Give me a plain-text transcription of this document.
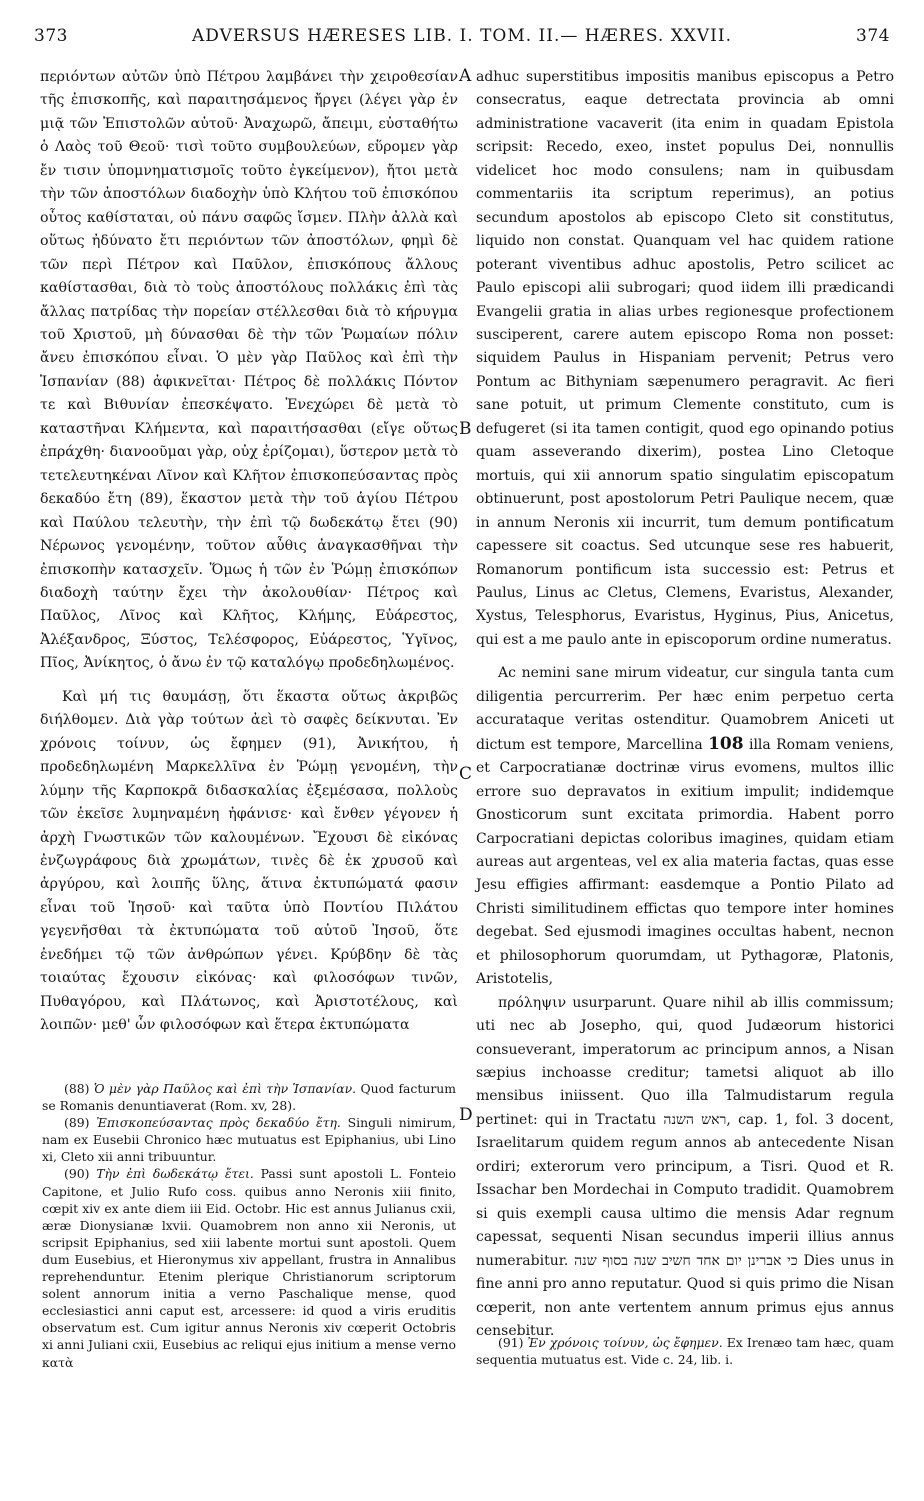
373	ADVERSUS HÆRESES LIB. I. TOM. II.— HÆRES. XXVII.	374
A
B
C
D

περιόντων αὐτῶν ὑπὸ Πέτρου λαμβάνει τὴν χειροθεσίαν τῆς ἐπισκοπῆς, καὶ παραιτησάμενος ἤργει (λέγει γὰρ ἐν μιᾷ τῶν Ἐπιστολῶν αὐτοῦ· Ἀναχωρῶ, ἄπειμι, εὐσταθήτω ὁ Λαὸς τοῦ Θεοῦ· τισὶ τοῦτο συμβουλεύων, εὕρομεν γὰρ ἔν τισιν ὑπομνηματισμοῖς τοῦτο ἐγκείμενον), ἤτοι μετὰ τὴν τῶν ἀποστόλων διαδοχὴν ὑπὸ Κλήτου τοῦ ἐπισκόπου οὗτος καθίσταται, οὐ πάνυ σαφῶς ἴσμεν. Πλὴν ἀλλὰ καὶ οὕτως ἠδύνατο ἔτι περιόντων τῶν ἀποστόλων, φημὶ δὲ τῶν περὶ Πέτρον καὶ Παῦλον, ἐπισκόπους ἄλλους καθίστασθαι, διὰ τὸ τοὺς ἀποστόλους πολλάκις ἐπὶ τὰς ἄλλας πατρίδας τὴν πορείαν στέλλεσθαι διὰ τὸ κήρυγμα τοῦ Χριστοῦ, μὴ δύνασθαι δὲ τὴν τῶν Ῥωμαίων πόλιν ἄνευ ἐπισκόπου εἶναι. Ὁ μὲν γὰρ Παῦλος καὶ ἐπὶ τὴν Ἱσπανίαν (88) ἀφικνεῖται· Πέτρος δὲ πολλάκις Πόντον τε καὶ Βιθυνίαν ἐπεσκέψατο. Ἐνεχώρει δὲ μετὰ τὸ καταστῆναι Κλήμεντα, καὶ παραιτήσασθαι (εἴγε οὕτως ἐπράχθη· διανοοῦμαι γὰρ, οὐχ ἐρίζομαι), ὕστερον μετὰ τὸ τετελευτηκέναι Λῖνον καὶ Κλῆτον ἐπισκοπεύσαντας πρὸς δεκαδύο ἔτη (89), ἕκαστον μετὰ τὴν τοῦ ἁγίου Πέτρου καὶ Παύλου τελευτὴν, τὴν ἐπὶ τῷ δωδεκάτῳ ἔτει (90) Νέρωνος γενομένην, τοῦτον αὖθις ἀναγκασθῆναι τὴν ἐπισκοπὴν κατασχεῖν. Ὅμως ἡ τῶν ἐν Ῥώμῃ ἐπισκόπων διαδοχὴ ταύτην ἔχει τὴν ἀκολουθίαν· Πέτρος καὶ Παῦλος, Λῖνος καὶ Κλῆτος, Κλήμης, Εὐάρεστος, Ἀλέξανδρος, Ξύστος, Τελέσφορος, Εὐάρεστος, Ὑγῖνος, Πῖος, Ἀνίκητος, ὁ ἄνω ἐν τῷ καταλόγῳ προδεδηλωμένος.

Καὶ μή τις θαυμάσῃ, ὅτι ἕκαστα οὕτως ἀκριβῶς διήλθομεν. Διὰ γὰρ τούτων ἀεὶ τὸ σαφὲς δείκνυται. Ἐν χρόνοις τοίνυν, ὡς ἔφημεν (91), Ἀνικήτου, ἡ προδεδηλωμένη Μαρκελλῖνα ἐν Ῥώμῃ γενομένη, τὴν λύμην τῆς Καρποκρᾶ διδασκαλίας ἐξεμέσασα, πολλοὺς τῶν ἐκεῖσε λυμηναμένη ἠφάνισε· καὶ ἔνθεν γέγονεν ἡ ἀρχὴ Γνωστικῶν τῶν καλουμένων. Ἔχουσι δὲ εἰκόνας ἐνζωγράφους διὰ χρωμάτων, τινὲς δὲ ἐκ χρυσοῦ καὶ ἀργύρου, καὶ λοιπῆς ὕλης, ἅτινα ἐκτυπώματά φασιν εἶναι τοῦ Ἰησοῦ· καὶ ταῦτα ὑπὸ Ποντίου Πιλάτου γεγενῆσθαι τὰ ἐκτυπώματα τοῦ αὐτοῦ Ἰησοῦ, ὅτε ἐνεδήμει τῷ τῶν ἀνθρώπων γένει. Κρύβδην δὲ τὰς τοιαύτας ἔχουσιν εἰκόνας· καὶ φιλοσόφων τινῶν, Πυθαγόρου, καὶ Πλάτωνος, καὶ Ἀριστοτέλους, καὶ λοιπῶν· μεθ' ὧν φιλοσόφων καὶ ἕτερα ἐκτυπώματα

adhuc superstitibus impositis manibus episcopus a Petro consecratus, eaque detrectata provincia ab omni administratione vacaverit (ita enim in quadam Epistola scripsit: Recedo, exeo, instet populus Dei, nonnullis videlicet hoc modo consulens; nam in quibusdam commentariis ita scriptum reperimus), an potius secundum apostolos ab episcopo Cleto sit constitutus, liquido non constat. Quanquam vel hac quidem ratione poterant viventibus adhuc apostolis, Petro scilicet ac Paulo episcopi alii subrogari; quod iidem illi prædicandi Evangelii gratia in alias urbes regionesque profectionem susciperent, carere autem episcopo Roma non posset: siquidem Paulus in Hispaniam pervenit; Petrus vero Pontum ac Bithyniam sæpenumero peragravit. Ac fieri sane potuit, ut primum Clemente constituto, cum is defugeret (si ita tamen contigit, quod ego opinando potius quam asseverando dixerim), postea Lino Cletoque mortuis, qui xii annorum spatio singulatim episcopatum obtinuerunt, post apostolorum Petri Paulique necem, quæ in annum Neronis xii incurrit, tum demum pontificatum capessere sit coactus. Sed utcunque sese res habuerit, Romanorum pontificum ista successio est: Petrus et Paulus, Linus ac Cletus, Clemens, Evaristus, Alexander, Xystus, Telesphorus, Evaristus, Hyginus, Pius, Anicetus, qui est a me paulo ante in episcoporum ordine numeratus.

Ac nemini sane mirum videatur, cur singula tanta cum diligentia percurrerim. Per hæc enim perpetuo certa accurataque veritas ostenditur. Quamobrem Aniceti ut dictum est tempore, Marcellina 108 illa Romam veniens, et Carpocratianæ doctrinæ virus evomens, multos illic errore suo depravatos in exitium impulit; indidemque Gnosticorum sunt excitata primordia. Habent porro Carpocratiani depictas coloribus imagines, quidam etiam aureas aut argenteas, vel ex alia materia factas, quas esse Jesu effigies affirmant: easdemque a Pontio Pilato ad Christi similitudinem effictas quo tempore inter homines degebat. Sed ejusmodi imagines occultas habent, necnon et philosophorum quorumdam, ut Pythagoræ, Platonis, Aristotelis,

πρόληψιν usurparunt. Quare nihil ab illis commissum; uti nec ab Josepho, qui, quod Judæorum historici consueverant, imperatorum ac principum annos, a Nisan sæpius inchoasse creditur; tametsi aliquot ab illo mensibus iniissent. Quo illa Talmudistarum regula pertinet: qui in Tractatu ראש השנה, cap. 1, fol. 3 docent, Israelitarum quidem regum annos ab antecedente Nisan ordiri; exterorum vero principum, a Tisri. Quod et R. Issachar ben Mordechai in Computo tradidit. Quamobrem si quis exempli causa ultimo die mensis Adar regnum capessat, sequenti Nisan secundus imperii illius annus numerabitur. כי אברינן יום אחד חשיב שנה בסוף שנה Dies unus in fine anni pro anno reputatur. Quod si quis primo die Nisan cœperit, non ante vertentem annum primus ejus annus censebitur.

(88) Ὁ μὲν γὰρ Παῦλος καὶ ἐπὶ τὴν Ἱσπανίαν. Quod facturum se Romanis denuntiaverat (Rom. xv, 28).

(89) Ἐπισκοπεύσαντας πρὸς δεκαδύο ἔτη. Singuli nimirum, nam ex Eusebii Chronico hæc mutuatus est Epiphanius, ubi Lino xi, Cleto xii anni tribuuntur.

(90) Τὴν ἐπὶ δωδεκάτῳ ἔτει. Passi sunt apostoli L. Fonteio Capitone, et Julio Rufo coss. quibus anno Neronis xiii finito, cœpit xiv ex ante diem iii Eid. Octobr. Hic est annus Julianus cxii, æræ Dionysianæ lxvii. Quamobrem non anno xii Neronis, ut scripsit Epiphanius, sed xiii labente mortui sunt apostoli. Quem dum Eusebius, et Hieronymus xiv appellant, frustra in Annalibus reprehenduntur. Etenim plerique Christianorum scriptorum solent annorum initia a verno Paschalique mense, quod ecclesiastici anni caput est, arcessere: id quod a viris eruditis observatum est. Cum igitur annus Neronis xiv cœperit Octobris xi anni Juliani cxii, Eusebius ac reliqui ejus initium a mense verno κατὰ

(91) Ἐν χρόνοις τοίνυν, ὡς ἔφημεν. Ex Irenæo tam hæc, quam sequentia mutuatus est. Vide c. 24, lib. i.
